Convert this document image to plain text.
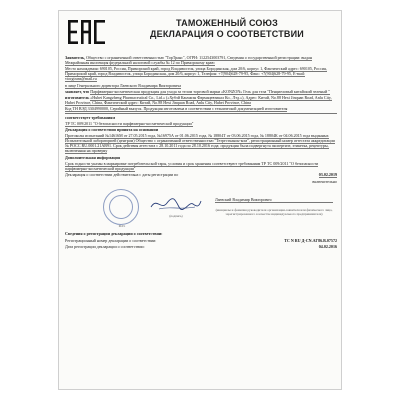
ТАМОЖЕННЫЙ СОЮЗ
ДЕКЛАРАЦИЯ О СООТВЕТСТВИИ

Заявитель, Общество с ограниченной ответственностью "ТорТранс", ОГРН: 1122543003791, Сведения о государственной регистрации: выдан Межрайонная инспекция федеральной налоговой службы № 12 по Приморскому краю

Место нахождения: 690105, Россия, Приморский край, город Владивосток, улица Бородинская, дом 20/6, корпус 1, Фактический адрес: 690105, Россия, Приморский край, город Владивосток, улица Бородинская, дом 20/6, корпус 1, Телефон: +7(904)628-79-95, Факс: +7(904)628-79-95, E-mail: vtorgtrans@mail.ru

в лице Генерального директора Лаевского Владимира Викторовича

заявляет, что Парфюмерно-косметическая продукция для ухода за телом торговой марки «KONZON» Гель для тела "Пенциеловый китайский зеленый "

изготовитель «Hubei Kangzheng Pharmaceutical Co., Ltd.» («Хубэй Канчжэн Фармацевтикал Ко., Лтд.»), Адрес: Китай, No.88 Hexi Jinquan Road, Anlu City, Hubei Province, China, Фактический адрес: Китай, No.88 Hexi Jinquan Road, Anlu City, Hubei Province, China

Код ТН ВЭД 3304990000, Серийный выпуск. Продукция изготовлена в соответствии с технической документацией изготовителя

соответствует требованиям

ТР ТС 009/2011 "О безопасности парфюмерно-косметической продукции"

Декларация о соответствии принята на основании

Протоколы испытаний №14616М от 27.05.2015 года, №16975А от 01.06.2015 года, № 18804Т от 03.06.2015 года, № 18804К от 04.06.2015 года выданных Испытательной лабораторией (центром) Общество с ограниченной ответственностью "Тезрестканон-ком", регистрационный номер аттестата аккредитации № РОСС RU.0001.21АВ91. Срок действия аттестата с 28.10.2011 года по 28.10.2016 года; продукция была подвергнута экспертизе, этикетка, рецептуры, включенная на проверку

Дополнительная информация

Срок годности указан в маркировке потребительской тары, условия и срок хранения соответствуют требованиям ТР ТС 009/2011 "О безопасности парфюмерно-косметической продукции"

Декларация о соответствии действительна с даты регистрации по	03.02.2019

включительно

Лаевский Владимир Викторович
(инициалы и фамилия руководителя организации-заявителя или физического лица, зарегистрированного в качестве индивидуального предпринимателя)
М.П.
(подпись)

Сведения о регистрации декларации о соответствии:

Регистрационный номер декларации о соответствии:	ТС N RU Д-CN.AГ86.В.07572

Дата регистрации декларации о соответствии:	04.02.2016
